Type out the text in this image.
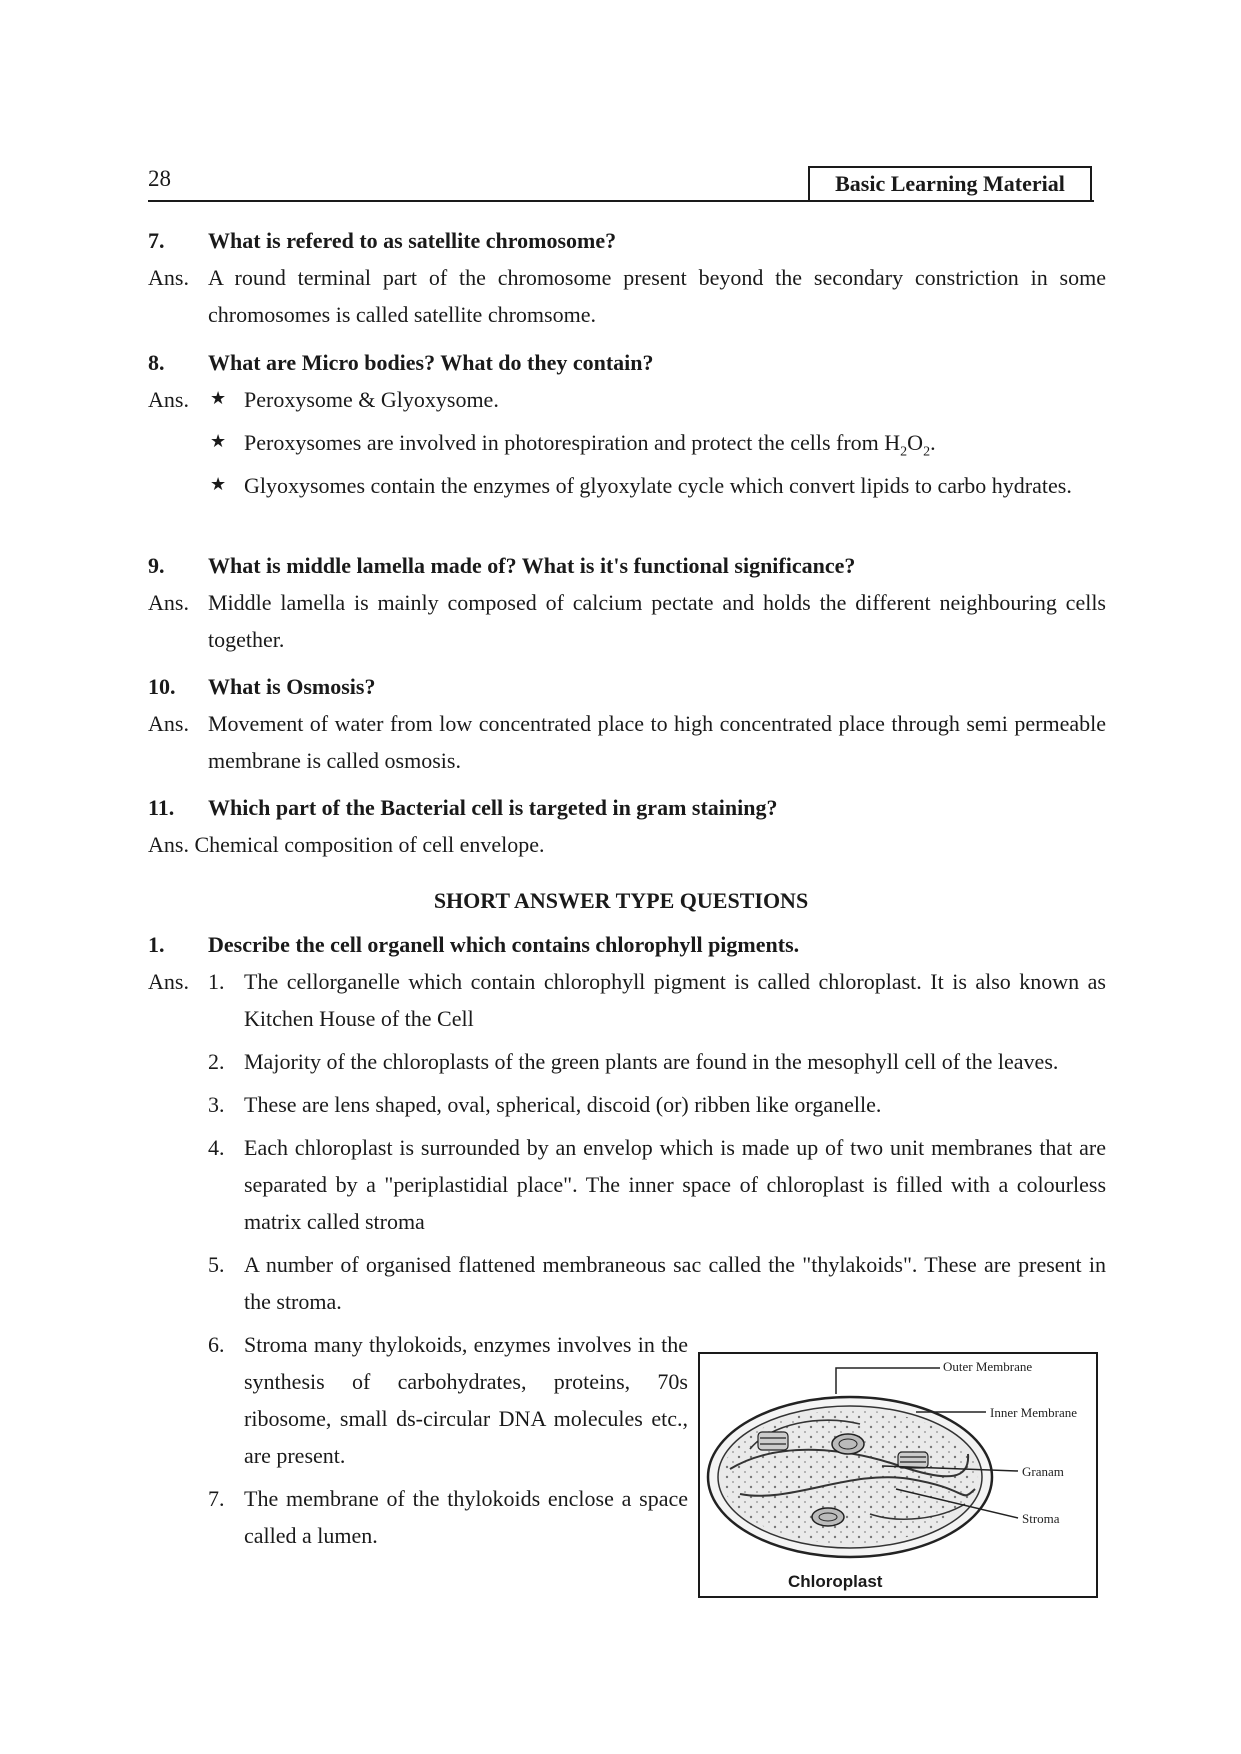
28	Basic Learning Material
7. What is refered to as satellite chromosome?
Ans. A round terminal part of the chromosome present beyond the secondary constriction in some chromosomes is called satellite chromsome.
8. What are Micro bodies? What do they contain?
Ans. ★ Peroxysome & Glyoxysome.
★ Peroxysomes are involved in photorespiration and protect the cells from $H_2O_2$.
★ Glyoxysomes contain the enzymes of glyoxylate cycle which convert lipids to carbo hydrates.
9. What is middle lamella made of? What is it's functional significance?
Ans. Middle lamella is mainly composed of calcium pectate and holds the different neighbouring cells together.
10. What is Osmosis?
Ans. Movement of water from low concentrated place to high concentrated place through semi permeable membrane is called osmosis.
11. Which part of the Bacterial cell is targeted in gram staining?
Ans. Chemical composition of cell envelope.
SHORT ANSWER TYPE QUESTIONS
1. Describe the cell organell which contains chlorophyll pigments.
Ans. 1. The cellorganelle which contain chlorophyll pigment is called chloroplast. It is also known as Kitchen House of the Cell
2. Majority of the chloroplasts of the green plants are found in the mesophyll cell of the leaves.
3. These are lens shaped, oval, spherical, discoid (or) ribben like organelle.
4. Each chloroplast is surrounded by an envelop which is made up of two unit membranes that are separated by a "periplastidial place". The inner space of chloroplast is filled with a colourless matrix called stroma
5. A number of organised flattened membraneous sac called the "thylakoids". These are present in the stroma.
6. Stroma many thylokoids, enzymes involves in the synthesis of carbohydrates, proteins, 70s ribosome, small ds-circular DNA molecules etc., are present.
7. The membrane of the thylokoids enclose a space called a lumen.
Outer Membrane
Inner Membrane
Granam
Stroma
Chloroplast
